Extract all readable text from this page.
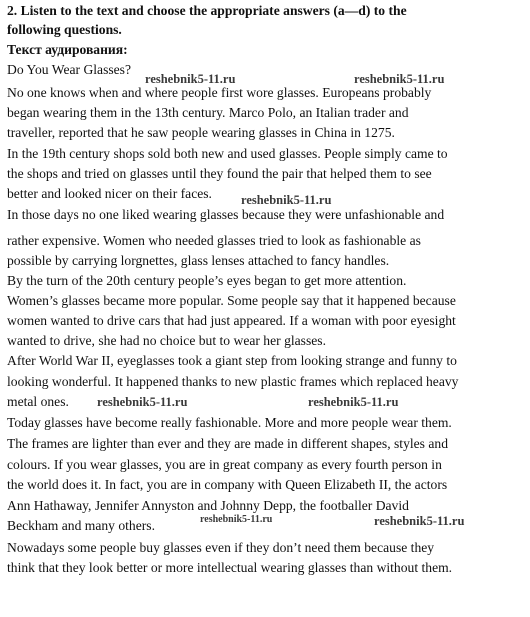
2. Listen to the text and choose the appropriate answers (a—d) to the
following questions.
Текст аудирования:
Do You Wear Glasses?
No one knows when and where people first wore glasses. Europeans probably
began wearing them in the 13th century. Marco Polo, an Italian trader and
traveller, reported that he saw people wearing glasses in China in 1275.
In the 19th century shops sold both new and used glasses. People simply came to
the shops and tried on glasses until they found the pair that helped them to see
better and looked nicer on their faces.
In those days no one liked wearing glasses because they were unfashionable and
rather expensive. Women who needed glasses tried to look as fashionable as
possible by carrying lorgnettes, glass lenses attached to fancy handles.
By the turn of the 20th century people’s eyes began to get more attention.
Women’s glasses became more popular. Some people say that it happened because
women wanted to drive cars that had just appeared. If a woman with poor eyesight
wanted to drive, she had no choice but to wear her glasses.
After World War II, eyeglasses took a giant step from looking strange and funny to
looking wonderful. It happened thanks to new plastic frames which replaced heavy
metal ones.
Today glasses have become really fashionable. More and more people wear them.
The frames are lighter than ever and they are made in different shapes, styles and
colours. If you wear glasses, you are in great company as every fourth person in
the world does it. In fact, you are in company with Queen Elizabeth II, the actors
Ann Hathaway, Jennifer Annyston and Johnny Depp, the footballer David
Beckham and many others.
Nowadays some people buy glasses even if they don’t need them because they
think that they look better or more intellectual wearing glasses than without them.
reshebnik5-11.ru	reshebnik5-11.ru
reshebnik5-11.ru
reshebnik5-11.ru	reshebnik5-11.ru
reshebnik5-11.ru	reshebnik5-11.ru
